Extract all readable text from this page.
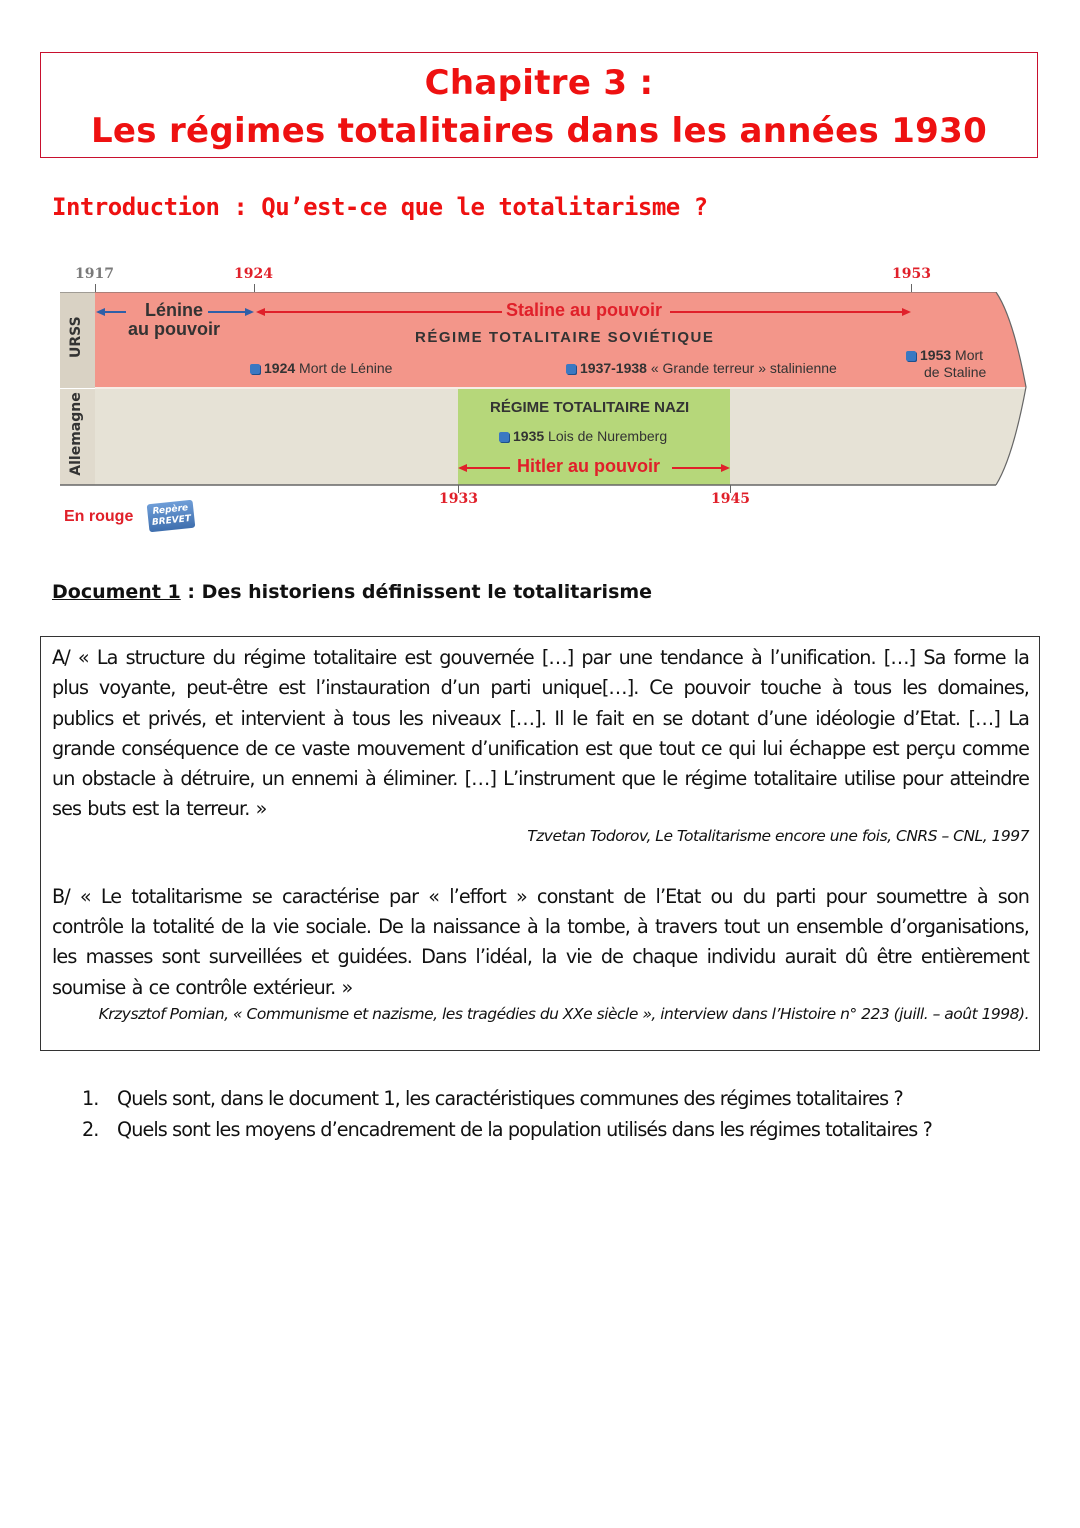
Chapitre 3 :
Les régimes totalitaires dans les années 1930
Introduction : Qu’est-ce que le totalitarisme ?
1917	1924	1953
URSS
Allemagne
Lénine
au pouvoir
Staline au pouvoir
RÉGIME TOTALITAIRE SOVIÉTIQUE
1924 Mort de Lénine	1937-1938 « Grande terreur » stalinienne
1953 Mort
de Staline
RÉGIME TOTALITAIRE NAZI
1935 Lois de Nuremberg
Hitler au pouvoir
1933	1945
En rouge	Repère
BREVET
Document 1 : Des historiens définissent le totalitarisme
A/ « La structure du régime totalitaire est gouvernée […] par une tendance à l’unification. […] Sa forme la plus voyante, peut-être est l’instauration d’un parti unique[…]. Ce pouvoir touche à tous les domaines, publics et privés, et intervient à tous les niveaux […]. Il le fait en se dotant d’une idéologie d’Etat. […] La grande conséquence de ce vaste mouvement d’unification est que tout ce qui lui échappe est perçu comme un obstacle à détruire, un ennemi à éliminer. […] L’instrument que le régime totalitaire utilise pour atteindre ses buts est la terreur. »
Tzvetan Todorov, Le Totalitarisme encore une fois, CNRS – CNL, 1997
B/ « Le totalitarisme se caractérise par « l’effort » constant de l’Etat ou du parti pour soumettre à son contrôle la totalité de la vie sociale. De la naissance à la tombe, à travers tout un ensemble d’organisations, les masses sont surveillées et guidées. Dans l’idéal, la vie de chaque individu aurait dû être entièrement soumise à ce contrôle extérieur. »
Krzysztof Pomian, « Communisme et nazisme, les tragédies du XXe siècle », interview dans l’Histoire n° 223 (juill. – août 1998).
1. Quels sont, dans le document 1, les caractéristiques communes des régimes totalitaires ?
2. Quels sont les moyens d’encadrement de la population utilisés dans les régimes totalitaires ?
